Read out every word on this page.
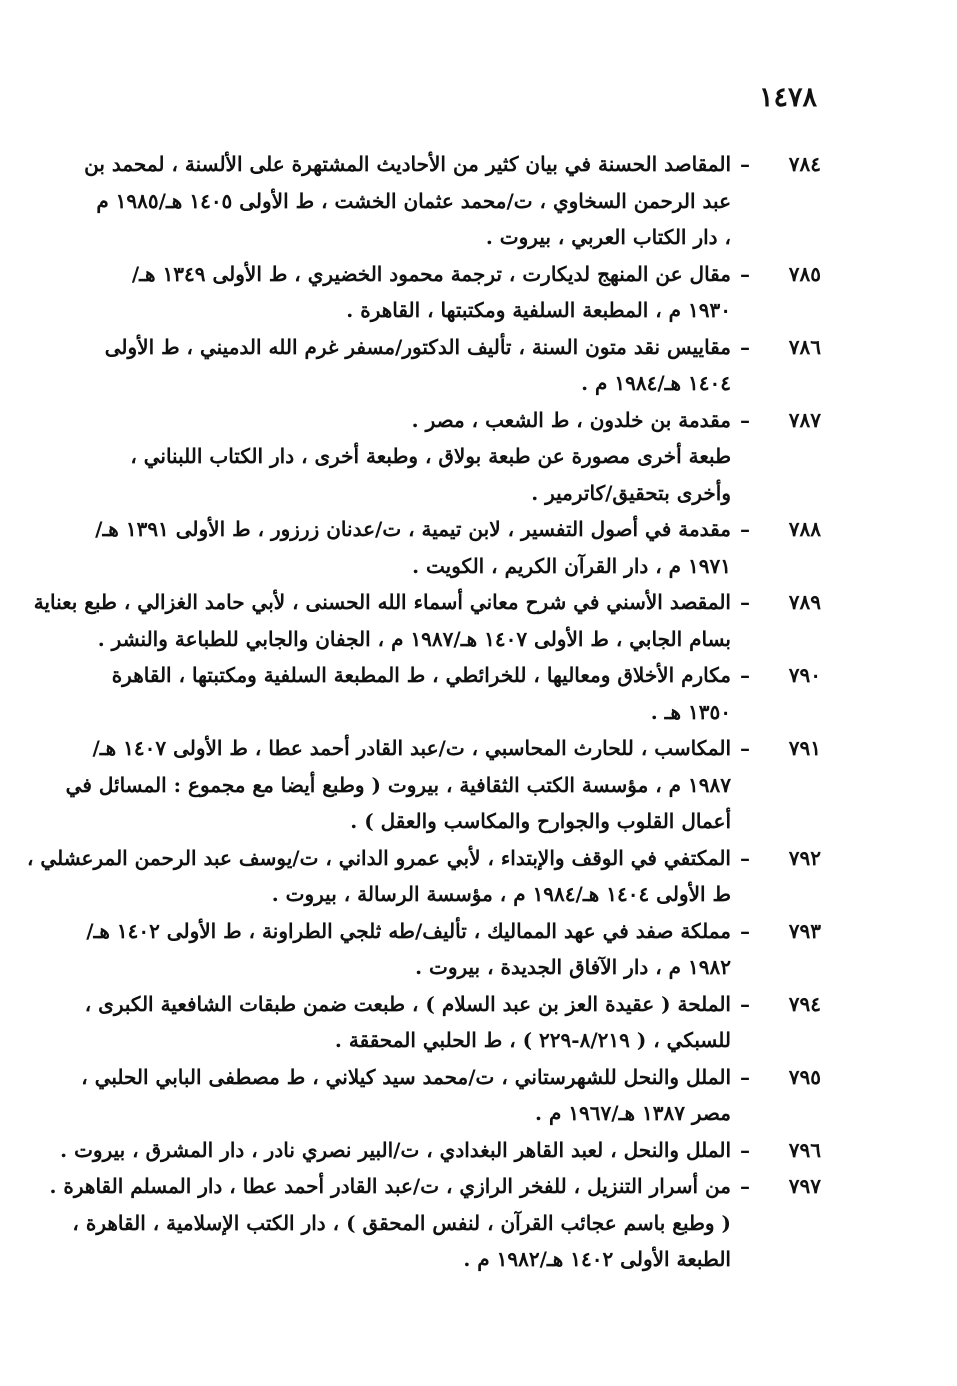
١٤٧٨
٧٨٤
–
المقاصد الحسنة في بيان كثير من الأحاديث المشتهرة على الألسنة ، لمحمد بن
عبد الرحمن السخاوي ، ت/محمد عثمان الخشت ، ط الأولى ١٤٠٥ هـ/١٩٨٥ م
، دار الكتاب العربي ، بيروت .
٧٨٥
–
مقال عن المنهج لديكارت ، ترجمة محمود الخضيري ، ط الأولى ١٣٤٩ هـ/
١٩٣٠ م ، المطبعة السلفية ومكتبتها ، القاهرة .
٧٨٦
–
مقاييس نقد متون السنة ، تأليف الدكتور/مسفر غرم الله الدميني ، ط الأولى
١٤٠٤ هـ/١٩٨٤ م .
٧٨٧
–
مقدمة بن خلدون ، ط الشعب ، مصر .
طبعة أخرى مصورة عن طبعة بولاق ، وطبعة أخرى ، دار الكتاب اللبناني ،
وأخرى بتحقيق/كاترمير .
٧٨٨
–
مقدمة في أصول التفسير ، لابن تيمية ، ت/عدنان زرزور ، ط الأولى ١٣٩١ هـ/
١٩٧١ م ، دار القرآن الكريم ، الكويت .
٧٨٩
–
المقصد الأسني في شرح معاني أسماء الله الحسنى ، لأبي حامد الغزالي ، طبع بعناية
بسام الجابي ، ط الأولى ١٤٠٧ هـ/١٩٨٧ م ، الجفان والجابي للطباعة والنشر .
٧٩٠
–
مكارم الأخلاق ومعاليها ، للخرائطي ، ط المطبعة السلفية ومكتبتها ، القاهرة
١٣٥٠ هـ .
٧٩١
–
المكاسب ، للحارث المحاسبي ، ت/عبد القادر أحمد عطا ، ط الأولى ١٤٠٧ هـ/
١٩٨٧ م ، مؤسسة الكتب الثقافية ، بيروت ( وطبع أيضا مع مجموع : المسائل في
أعمال القلوب والجوارح والمكاسب والعقل ) .
٧٩٢
–
المكتفي في الوقف والإبتداء ، لأبي عمرو الداني ، ت/يوسف عبد الرحمن المرعشلي ،
ط الأولى ١٤٠٤ هـ/١٩٨٤ م ، مؤسسة الرسالة ، بيروت .
٧٩٣
–
مملكة صفد في عهد المماليك ، تأليف/طه ثلجي الطراونة ، ط الأولى ١٤٠٢ هـ/
١٩٨٢ م ، دار الآفاق الجديدة ، بيروت .
٧٩٤
–
الملحة ( عقيدة العز بن عبد السلام ) ، طبعت ضمن طبقات الشافعية الكبرى ،
للسبكي ، ( ٨/٢١٩-٢٢٩ ) ، ط الحلبي المحققة .
٧٩٥
–
الملل والنحل للشهرستاني ، ت/محمد سيد كيلاني ، ط مصطفى البابي الحلبي ،
مصر ١٣٨٧ هـ/١٩٦٧ م .
٧٩٦
–
الملل والنحل ، لعبد القاهر البغدادي ، ت/البير نصري نادر ، دار المشرق ، بيروت .
٧٩٧
–
من أسرار التنزيل ، للفخر الرازي ، ت/عبد القادر أحمد عطا ، دار المسلم القاهرة .
( وطبع باسم عجائب القرآن ، لنفس المحقق ) ، دار الكتب الإسلامية ، القاهرة ،
الطبعة الأولى ١٤٠٢ هـ/١٩٨٢ م .
